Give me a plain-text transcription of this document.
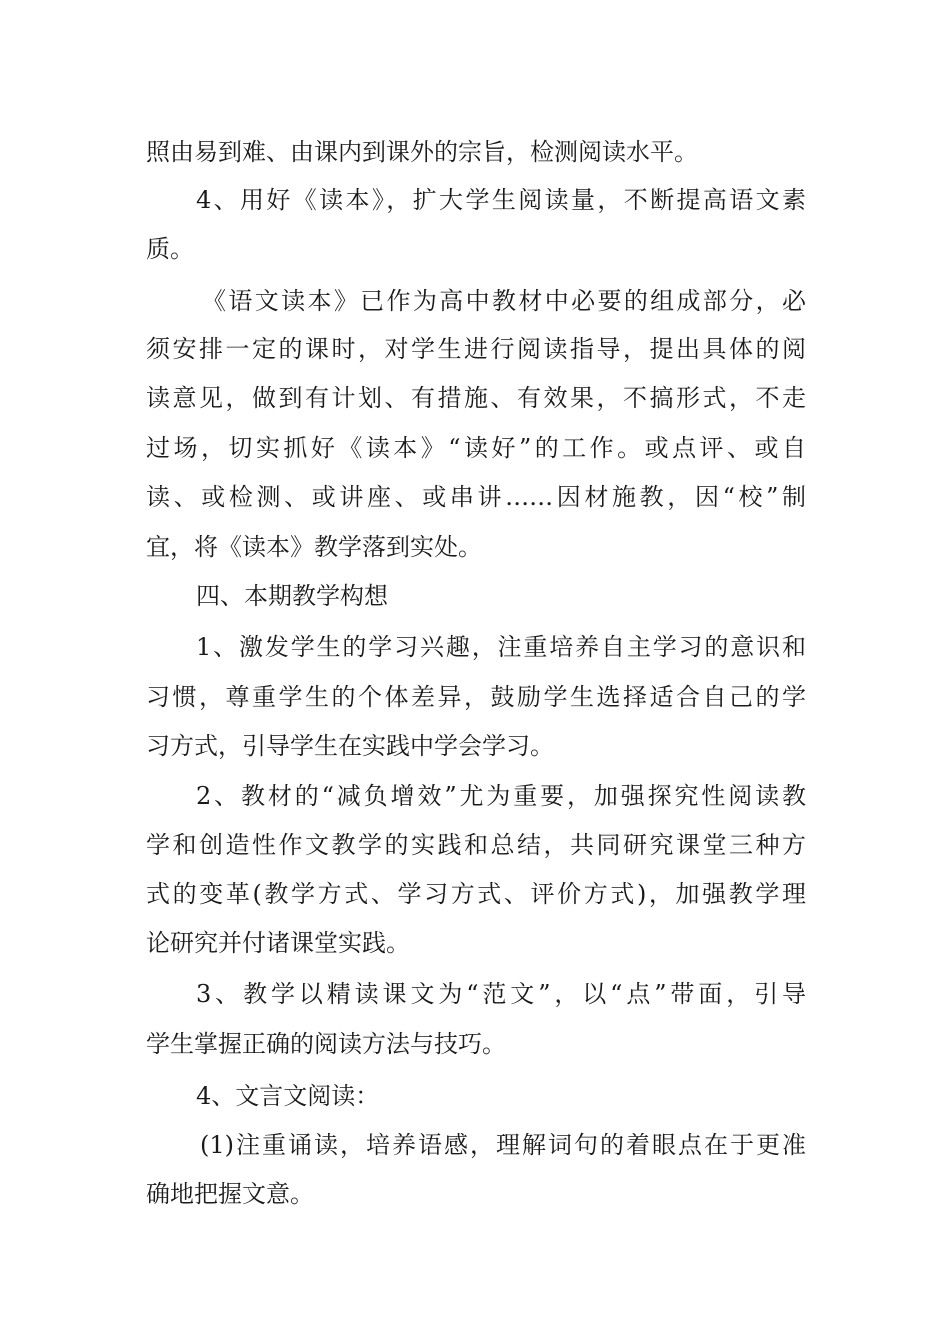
照由易到难、由课内到课外的宗旨，检测阅读水平。
4、用好《读本》，扩大学生阅读量，不断提高语文素
质。
《语文读本》已作为高中教材中必要的组成部分，必
须安排一定的课时，对学生进行阅读指导，提出具体的阅
读意见，做到有计划、有措施、有效果，不搞形式，不走
过场，切实抓好《读本》“读好”的工作。或点评、或自
读、或检测、或讲座、或串讲……因材施教，因“校”制
宜，将《读本》教学落到实处。
四、本期教学构想
1、激发学生的学习兴趣，注重培养自主学习的意识和
习惯，尊重学生的个体差异，鼓励学生选择适合自己的学
习方式，引导学生在实践中学会学习。
2、教材的“减负增效”尤为重要，加强探究性阅读教
学和创造性作文教学的实践和总结，共同研究课堂三种方
式的变革(教学方式、学习方式、评价方式)，加强教学理
论研究并付诸课堂实践。
3、教学以精读课文为“范文”，以“点”带面，引导
学生掌握正确的阅读方法与技巧。
4、文言文阅读：
(1)注重诵读，培养语感，理解词句的着眼点在于更准
确地把握文意。
